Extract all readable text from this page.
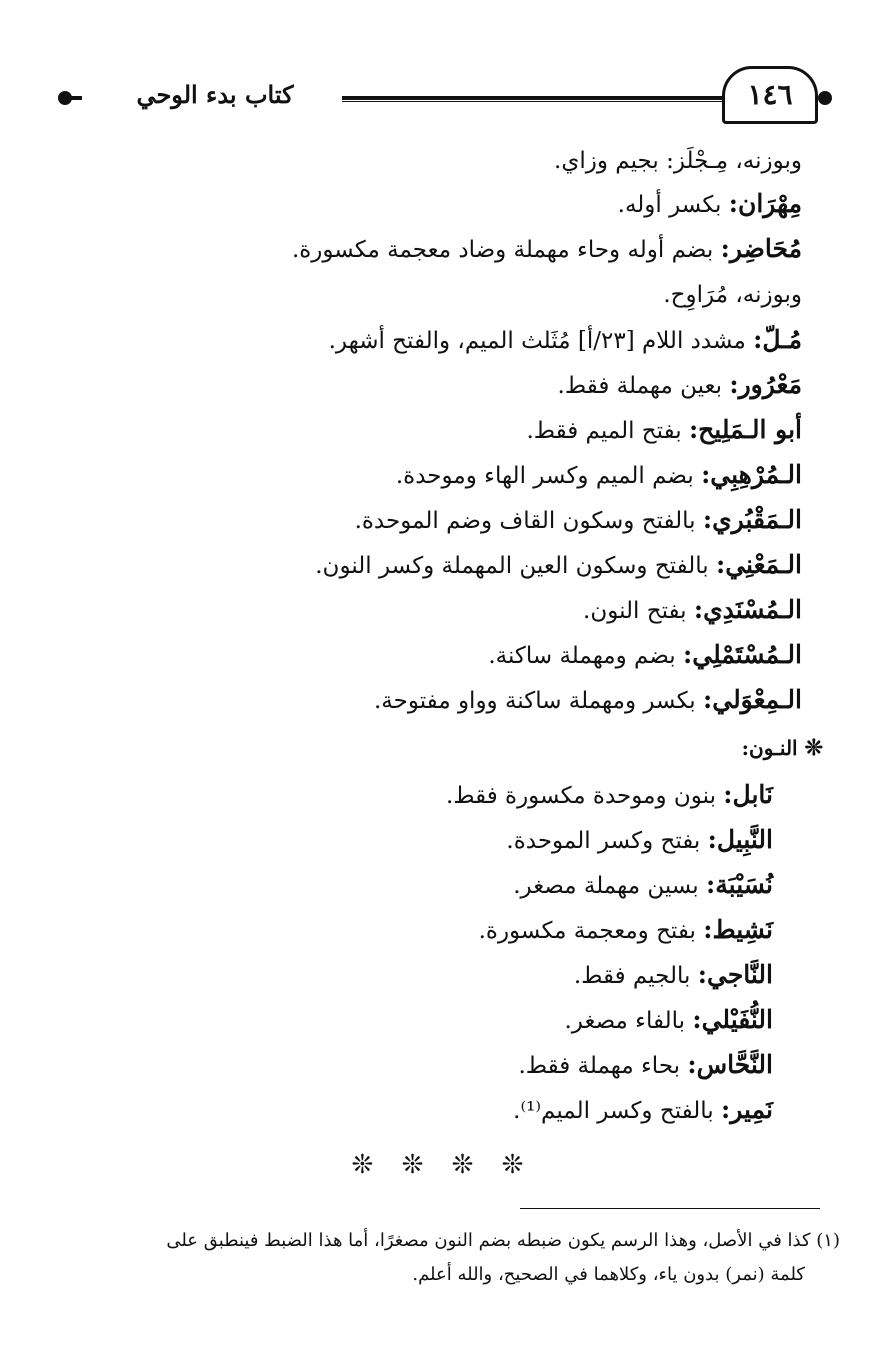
كتاب بدء الوحي	١٤٦
وبوزنه، مِـجْلَز: بجيم وزاي.
مِهْرَان: بكسر أوله.
مُحَاضِر: بضم أوله وحاء مهملة وضاد معجمة مكسورة.
وبوزنه، مُرَاوِح.
مُـلّ: مشدد اللام [٢٣/أ] مُثَلث الميم، والفتح أشهر.
مَعْرُور: بعين مهملة فقط.
أبو الـمَلِيح: بفتح الميم فقط.
الـمُرْهِبِي: بضم الميم وكسر الهاء وموحدة.
الـمَقْبُري: بالفتح وسكون القاف وضم الموحدة.
الـمَعْنِي: بالفتح وسكون العين المهملة وكسر النون.
الـمُسْنَدِي: بفتح النون.
الـمُسْتَمْلِي: بضم ومهملة ساكنة.
الـمِعْوَلي: بكسر ومهملة ساكنة وواو مفتوحة.
❊ النـون:
نَابل: بنون وموحدة مكسورة فقط.
النَّبِيل: بفتح وكسر الموحدة.
نُسَيْبَة: بسين مهملة مصغر.
نَشِيط: بفتح ومعجمة مكسورة.
النَّاجي: بالجيم فقط.
النُّفَيْلي: بالفاء مصغر.
النَّحَّاس: بحاء مهملة فقط.
نَمِير: بالفتح وكسر الميم⁽¹⁾.
❊ ❊ ❊ ❊
(١) كذا في الأصل، وهذا الرسم يكون ضبطه بضم النون مصغرًا، أما هذا الضبط فينطبق على
كلمة (نمر) بدون ياء، وكلاهما في الصحيح، والله أعلم.
